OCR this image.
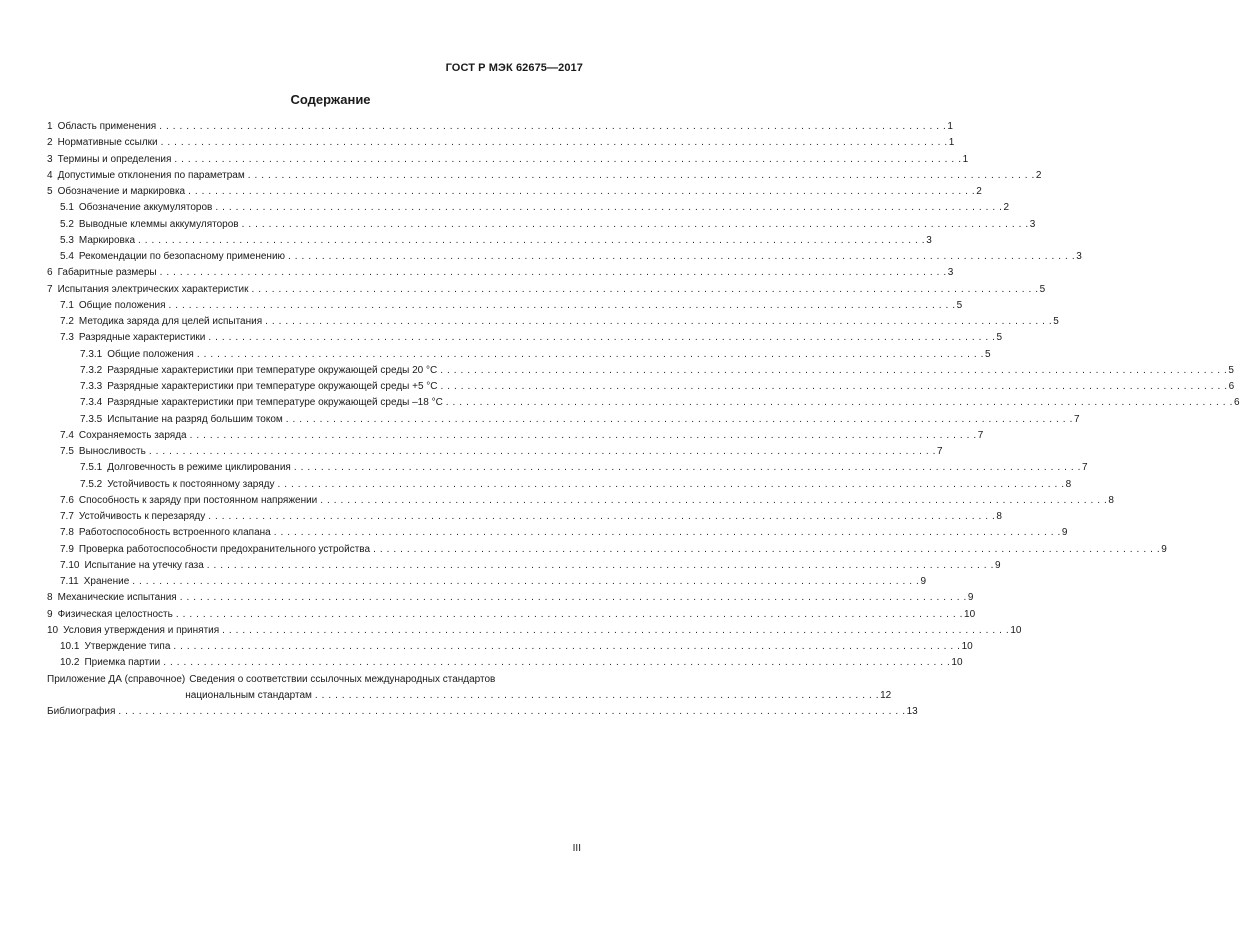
ГОСТ Р МЭК 62675—2017
Содержание
1 Область применения . . .	1
2 Нормативные ссылки . . .	1
3 Термины и определения . . .	1
4 Допустимые отклонения по параметрам . . .	2
5 Обозначение и маркировка . . .	2
5.1 Обозначение аккумуляторов . . .	2
5.2 Выводные клеммы аккумуляторов . . .	3
5.3 Маркировка . . .	3
5.4 Рекомендации по безопасному применению . . .	3
6 Габаритные размеры . . .	3
7 Испытания электрических характеристик . . .	5
7.1 Общие положения . . .	5
7.2 Методика заряда для целей испытания . . .	5
7.3 Разрядные характеристики . . .	5
7.3.1 Общие положения . . .	5
7.3.2 Разрядные характеристики при температуре окружающей среды 20 °С . . .	5
7.3.3 Разрядные характеристики при температуре окружающей среды +5 °С . . .	6
7.3.4 Разрядные характеристики при температуре окружающей среды –18 °С . . .	6
7.3.5 Испытание на разряд большим током . . .	7
7.4 Сохраняемость заряда . . .	7
7.5 Выносливость . . .	7
7.5.1 Долговечность в режиме циклирования . . .	7
7.5.2 Устойчивость к постоянному заряду . . .	8
7.6 Способность к заряду при постоянном напряжении . . .	8
7.7 Устойчивость к перезаряду . . .	8
7.8 Работоспособность встроенного клапана . . .	9
7.9 Проверка работоспособности предохранительного устройства . . .	9
7.10 Испытание на утечку газа . . .	9
7.11 Хранение . . .	9
8 Механические испытания . . .	9
9 Физическая целостность . . .	10
10 Условия утверждения и принятия . . .	10
10.1 Утверждение типа . . .	10
10.2 Приемка партии . . .	10
Приложение ДА (справочное) Сведения о соответствии ссылочных международных стандартов
национальным стандартам . . .	12
Библиография . . .	13
III
